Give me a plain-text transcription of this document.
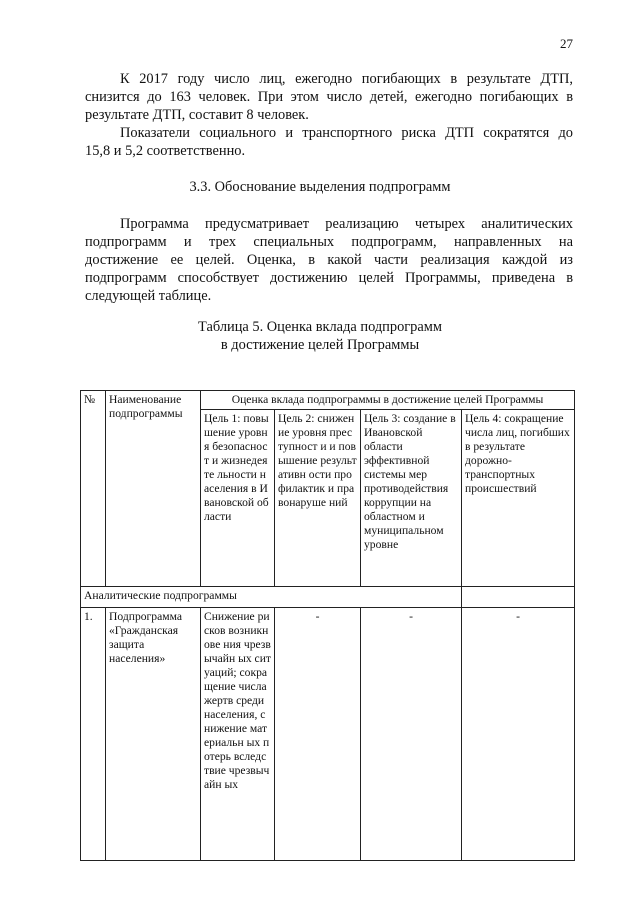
27
К 2017 году число лиц, ежегодно погибающих в результате ДТП,
снизится до 163 человек. При этом число детей, ежегодно погибающих в
результате ДТП, составит 8 человек.
Показатели социального и транспортного риска ДТП сократятся до
15,8 и 5,2 соответственно.
3.3. Обоснование выделения подпрограмм
Программа предусматривает реализацию четырех аналитических
подпрограмм и трех специальных подпрограмм, направленных на
достижение ее целей. Оценка, в какой части реализация каждой из
подпрограмм способствует достижению целей Программы, приведена в
следующей таблице.
Таблица 5. Оценка вклада подпрограмм
в достижение целей Программы
№	Наименование подпрограммы	Оценка вклада подпрограммы в достижение целей Программы			
		Цель 1: повышение уровня безопасност и жизнедеяте льности населения в Ивановской области	Цель 2: снижение уровня преступност и и повышение результативн ости профилактик и правонаруше ний	Цель 3: создание в Ивановской области эффективной системы мер противодействия коррупции на областном и муниципальном уровне	Цель 4: сокращение числа лиц, погибших в результате дорожно-транспортных происшествий
Аналитические подпрограммы					
1.	Подпрограмма «Гражданская защита населения»	Снижение рисков возникнове ния чрезвычайн ых ситуаций; сокращение числа жертв среди населения, снижение материальн ых потерь вследствие чрезвычайн ых	-	-	-
